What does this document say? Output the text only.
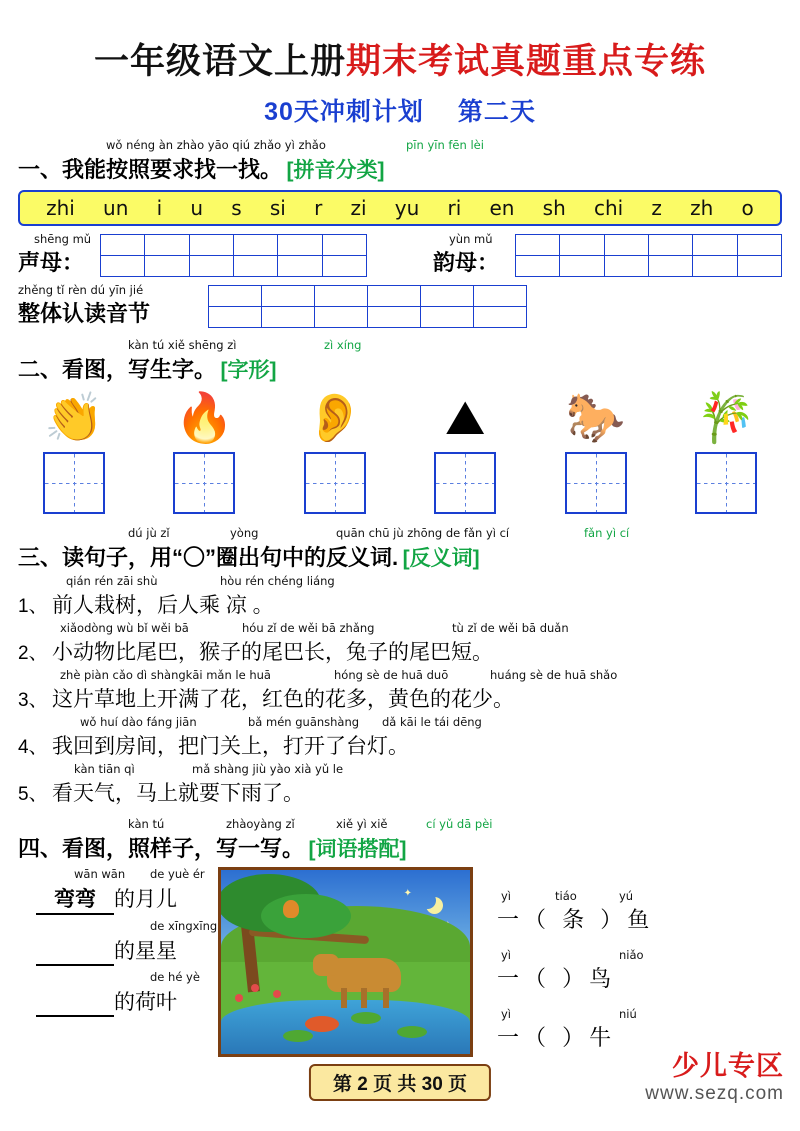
一年级语文上册期末考试真题重点专练
30天冲刺计划 第二天
wǒ néng àn zhào yāo qiú zhǎo yì zhǎo	pīn yīn fēn lèi
一、我能按照要求找一找。 [拼音分类]
zhi un i u s si r zi yu ri en sh chi z zh o
shēng mǔ
声母：

yùn mǔ
韵母：

zhěng tǐ rèn dú yīn jié
整体认读音节

kàn tú xiě shēng zì	zì xíng
二、看图，写生字。 [字形]
👏	🔥	👂	⛰	🐎	🎋
dú jù zǐ	yòng	quān chū jù zhōng de fǎn yì cí	fǎn yì cí
三、读句子，用“〇”圈出句中的反义词. [反义词]
qián rén zāi shù	hòu rén chéng liáng
1、 前人栽树，后人乘 凉 。
xiǎodòng wù bǐ wěi bā	hóu zǐ de wěi bā zhǎng	tù zǐ de wěi bā duǎn
2、 小动物比尾巴，猴子的尾巴长，兔子的尾巴短。
zhè piàn cǎo dì shàngkāi mǎn le huā	hóng sè de huā duō	huáng sè de huā shǎo
3、 这片草地上开满了花，红色的花多，黄色的花少。
wǒ huí dào fáng jiān	bǎ mén guānshàng dǎ kāi le tái dēng
4、 我回到房间，把门关上，打开了台灯。
kàn tiān qì	mǎ shàng jiù yào xià yǔ le
5、 看天气，马上就要下雨了。
kàn tú	zhàoyàng zǐ	xiě yì xiě	cí yǔ dā pèi
四、看图，照样子，写一写。 [词语搭配]
wān wān de yuè ér
弯弯 的月儿
de xīngxīng
的星星
de hé yè
的荷叶
✦	yì	tiáo	yú
一（ 条 ）鱼
yì	niǎo
一（ ）鸟
yì	niú
一（ ）牛
第 2 页 共 30 页
少儿专区
www.sezq.com
